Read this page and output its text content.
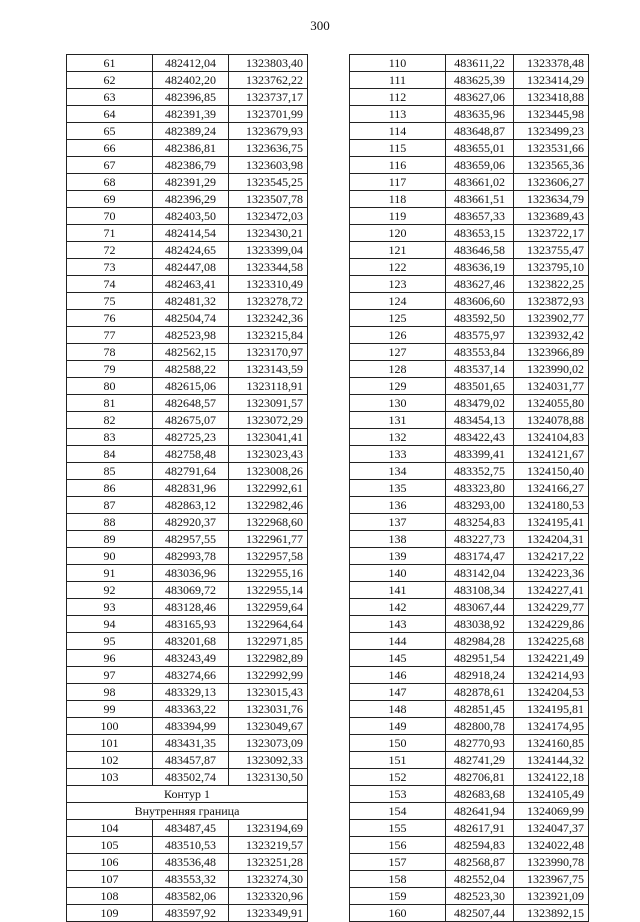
300
61	482412,04	1323803,40
62	482402,20	1323762,22
63	482396,85	1323737,17
64	482391,39	1323701,99
65	482389,24	1323679,93
66	482386,81	1323636,75
67	482386,79	1323603,98
68	482391,29	1323545,25
69	482396,29	1323507,78
70	482403,50	1323472,03
71	482414,54	1323430,21
72	482424,65	1323399,04
73	482447,08	1323344,58
74	482463,41	1323310,49
75	482481,32	1323278,72
76	482504,74	1323242,36
77	482523,98	1323215,84
78	482562,15	1323170,97
79	482588,22	1323143,59
80	482615,06	1323118,91
81	482648,57	1323091,57
82	482675,07	1323072,29
83	482725,23	1323041,41
84	482758,48	1323023,43
85	482791,64	1323008,26
86	482831,96	1322992,61
87	482863,12	1322982,46
88	482920,37	1322968,60
89	482957,55	1322961,77
90	482993,78	1322957,58
91	483036,96	1322955,16
92	483069,72	1322955,14
93	483128,46	1322959,64
94	483165,93	1322964,64
95	483201,68	1322971,85
96	483243,49	1322982,89
97	483274,66	1322992,99
98	483329,13	1323015,43
99	483363,22	1323031,76
100	483394,99	1323049,67
101	483431,35	1323073,09
102	483457,87	1323092,33
103	483502,74	1323130,50
Контур 1		
Внутренняя граница		
104	483487,45	1323194,69
105	483510,53	1323219,57
106	483536,48	1323251,28
107	483553,32	1323274,30
108	483582,06	1323320,96
109	483597,92	1323349,91
110	483611,22	1323378,48
111	483625,39	1323414,29
112	483627,06	1323418,88
113	483635,96	1323445,98
114	483648,87	1323499,23
115	483655,01	1323531,66
116	483659,06	1323565,36
117	483661,02	1323606,27
118	483661,51	1323634,79
119	483657,33	1323689,43
120	483653,15	1323722,17
121	483646,58	1323755,47
122	483636,19	1323795,10
123	483627,46	1323822,25
124	483606,60	1323872,93
125	483592,50	1323902,77
126	483575,97	1323932,42
127	483553,84	1323966,89
128	483537,14	1323990,02
129	483501,65	1324031,77
130	483479,02	1324055,80
131	483454,13	1324078,88
132	483422,43	1324104,83
133	483399,41	1324121,67
134	483352,75	1324150,40
135	483323,80	1324166,27
136	483293,00	1324180,53
137	483254,83	1324195,41
138	483227,73	1324204,31
139	483174,47	1324217,22
140	483142,04	1324223,36
141	483108,34	1324227,41
142	483067,44	1324229,77
143	483038,92	1324229,86
144	482984,28	1324225,68
145	482951,54	1324221,49
146	482918,24	1324214,93
147	482878,61	1324204,53
148	482851,45	1324195,81
149	482800,78	1324174,95
150	482770,93	1324160,85
151	482741,29	1324144,32
152	482706,81	1324122,18
153	482683,68	1324105,49
154	482641,94	1324069,99
155	482617,91	1324047,37
156	482594,83	1324022,48
157	482568,87	1323990,78
158	482552,04	1323967,75
159	482523,30	1323921,09
160	482507,44	1323892,15
